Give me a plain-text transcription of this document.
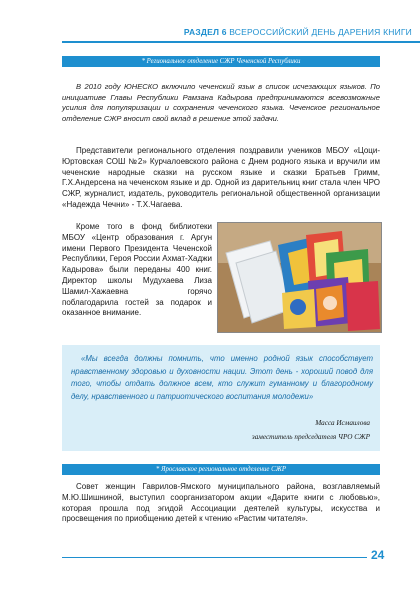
РАЗДЕЛ 6 ВСЕРОССИЙСКИЙ ДЕНЬ ДАРЕНИЯ КНИГИ
* Региональное отделение СЖР Чеченской Республики
В 2010 году ЮНЕСКО включило чеченский язык в список исчезающих языков. По инициативе Главы Республики Рамзана Кадырова предпринимаются всевозможные усилия для популяризации и сохранения чеченского языка. Чеченское региональное отделение СЖР вносит свой вклад в решение этой задачи.
Представители регионального отделения поздравили учеников МБОУ «Цоци-Юртовская СОШ №2» Курчалоевского района с Днем родного языка и вручили им чеченские народные сказки на русском языке и сказки Братьев Гримм, Г.Х.Андерсена на чеченском языке и др. Одной из дарительниц книг стала член ЧРО СЖР, журналист, издатель, руководитель региональной общественной организации «Надежда Чечни» - Т.Х.Чагаева.
Кроме того в фонд библиотеки МБОУ «Центр образования г. Аргун имени Первого Президента Чеченской Республики, Героя России Ахмат-Хаджи Кадырова» были переданы 400 книг. Директор школы Мудухаева Лиза Шамил-Хажаевна горячо поблагодарила гостей за подарок и оказанное внимание.
«Мы всегда должны помнить, что именно родной язык способствует нравственному здоровью и духовности нации. Этот день - хороший повод для того, чтобы отдать должное всем, кто служит гуманному и благородному делу, нравственного и патриотического воспитания молодежи»
Масса Исмаилова
заместитель председателя ЧРО СЖР
* Ярославское региональное отделение СЖР
Совет женщин Гаврилов-Ямского муниципального района, возглавляемый М.Ю.Шишниной, выступил соорганизатором акции «Дарите книги с любовью», которая прошла под эгидой Ассоциации деятелей культуры, искусства и просвещения по приобщению детей к чтению «Растим читателя».
24
